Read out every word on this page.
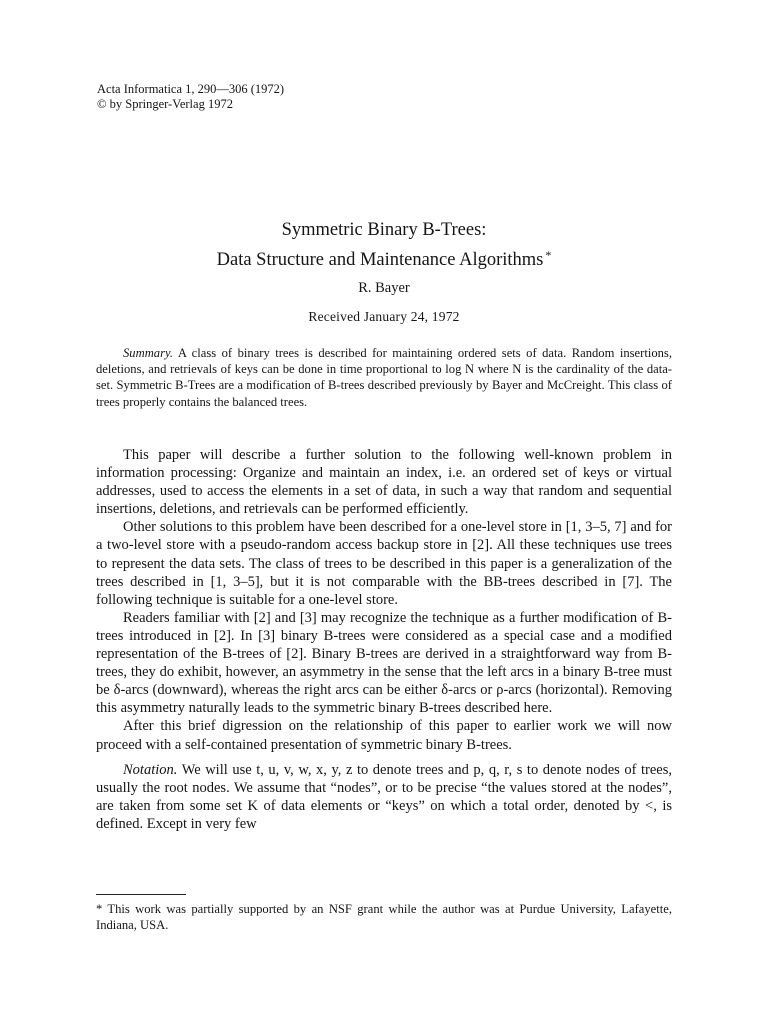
Acta Informatica 1, 290—306 (1972)
© by Springer-Verlag 1972
Symmetric Binary B-Trees:
Data Structure and Maintenance Algorithms *
R. Bayer
Received January 24, 1972
Summary. A class of binary trees is described for maintaining ordered sets of data. Random insertions, deletions, and retrievals of keys can be done in time proportional to log N where N is the cardinality of the data-set. Symmetric B-Trees are a modification of B-trees described previously by Bayer and McCreight. This class of trees properly contains the balanced trees.

This paper will describe a further solution to the following well-known problem in information processing: Organize and maintain an index, i.e. an ordered set of keys or virtual addresses, used to access the elements in a set of data, in such a way that random and sequential insertions, deletions, and retrievals can be performed efficiently.

Other solutions to this problem have been described for a one-level store in [1, 3–5, 7] and for a two-level store with a pseudo-random access backup store in [2]. All these techniques use trees to represent the data sets. The class of trees to be described in this paper is a generalization of the trees described in [1, 3–5], but it is not comparable with the BB-trees described in [7]. The following technique is suitable for a one-level store.

Readers familiar with [2] and [3] may recognize the technique as a further modification of B-trees introduced in [2]. In [3] binary B-trees were considered as a special case and a modified representation of the B-trees of [2]. Binary B-trees are derived in a straightforward way from B-trees, they do exhibit, however, an asymmetry in the sense that the left arcs in a binary B-tree must be δ-arcs (downward), whereas the right arcs can be either δ-arcs or ρ-arcs (horizontal). Removing this asymmetry naturally leads to the symmetric binary B-trees described here.

After this brief digression on the relationship of this paper to earlier work we will now proceed with a self-contained presentation of symmetric binary B-trees.

Notation. We will use t, u, v, w, x, y, z to denote trees and p, q, r, s to denote nodes of trees, usually the root nodes. We assume that “nodes”, or to be precise “the values stored at the nodes”, are taken from some set K of data elements or “keys” on which a total order, denoted by <, is defined. Except in very few

* This work was partially supported by an NSF grant while the author was at Purdue University, Lafayette, Indiana, USA.
